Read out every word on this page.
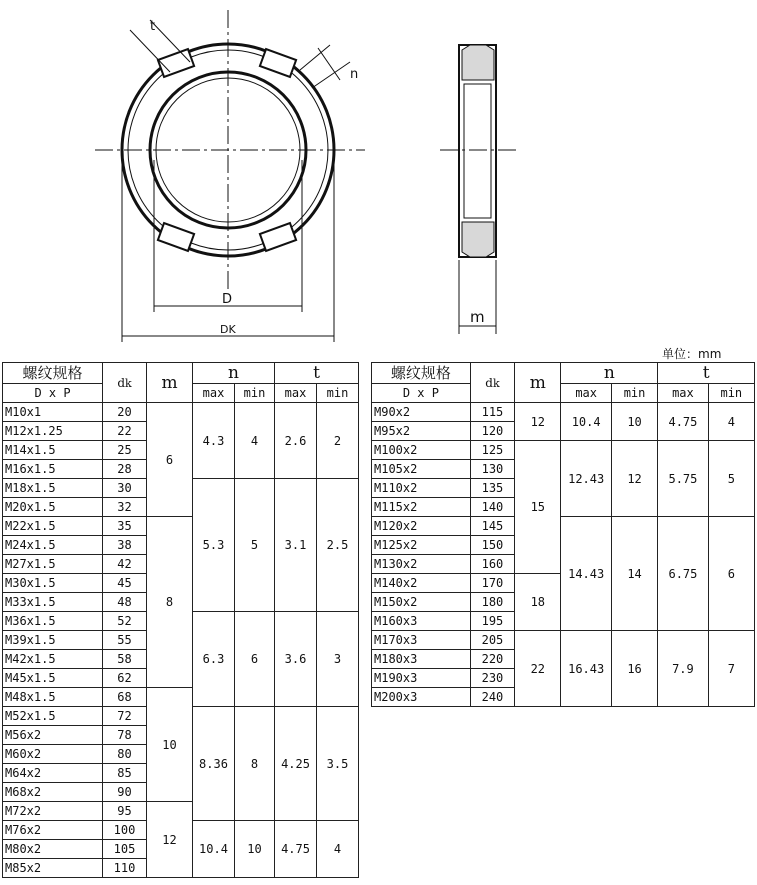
t
n
D
DK
m
单位：mm
螺纹规格	dk	m	n		t	
D x P			max	min	max	min
M10x1	20	6	4.3	4	2.6	2
M12x1.25	22					
M14x1.5	25					
M16x1.5	28					
M18x1.5	30		5.3	5	3.1	2.5
M20x1.5	32					
M22x1.5	35	8				
M24x1.5	38					
M27x1.5	42					
M30x1.5	45					
M33x1.5	48					
M36x1.5	52		6.3	6	3.6	3
M39x1.5	55					
M42x1.5	58					
M45x1.5	62					
M48x1.5	68	10				
M52x1.5	72		8.36	8	4.25	3.5
M56x2	78					
M60x2	80					
M64x2	85					
M68x2	90					
M72x2	95	12				
M76x2	100		10.4	10	4.75	4
M80x2	105					
M85x2	110					
螺纹规格	dk	m	n		t	
D x P			max	min	max	min
M90x2	115	12	10.4	10	4.75	4
M95x2	120					
M100x2	125	15	12.43	12	5.75	5
M105x2	130					
M110x2	135					
M115x2	140					
M120x2	145		14.43	14	6.75	6
M125x2	150					
M130x2	160					
M140x2	170	18				
M150x2	180					
M160x3	195					
M170x3	205	22	16.43	16	7.9	7
M180x3	220					
M190x3	230					
M200x3	240					
